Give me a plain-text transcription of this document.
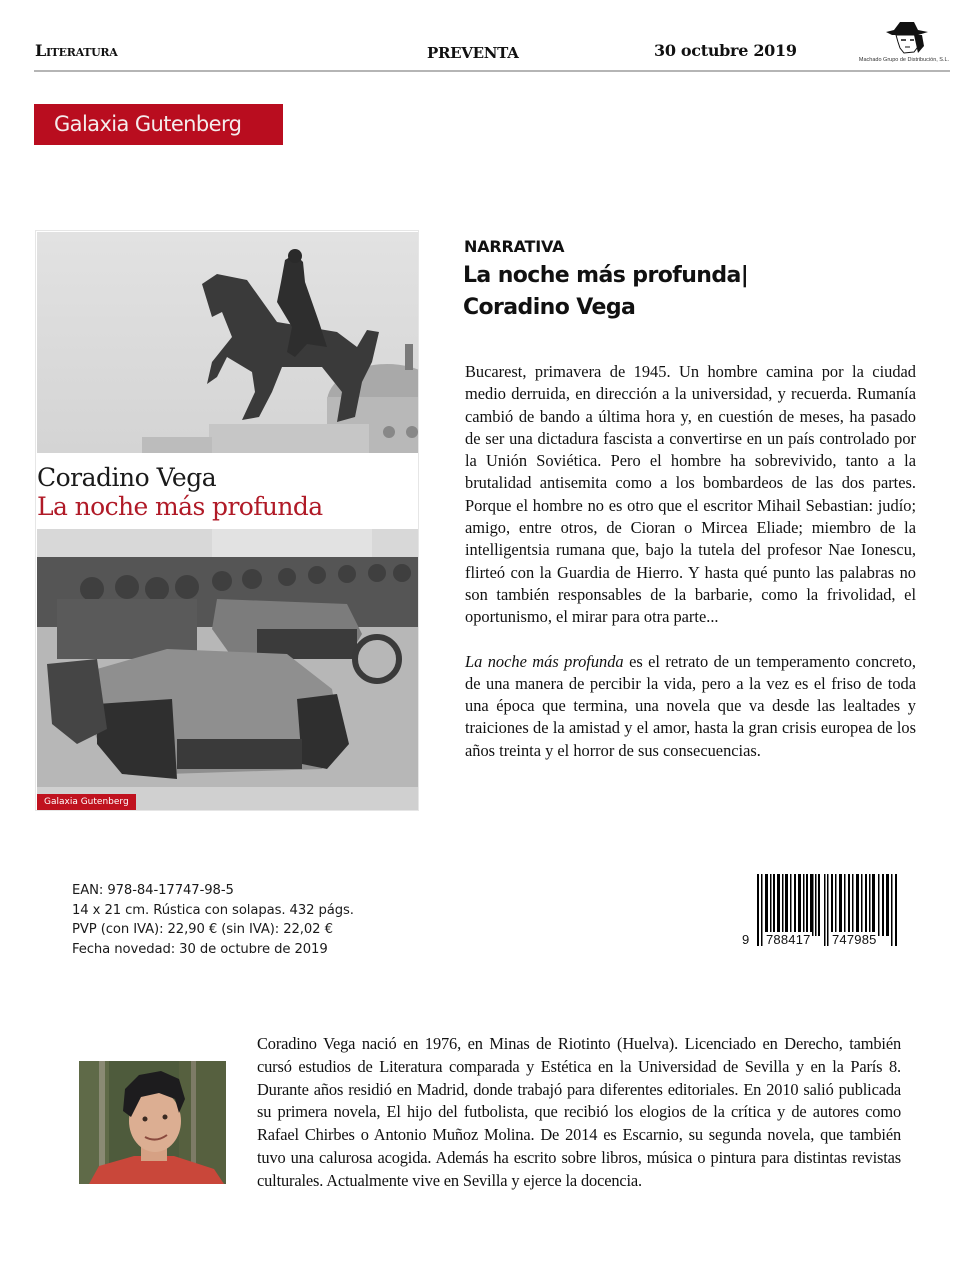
Literatura	PREVENTA	30 octubre 2019	Machado Grupo de Distribución, S.L.
Galaxia Gutenberg
Coradino Vega
La noche más profunda
Galaxia Gutenberg
NARRATIVA
La noche más profunda|
Coradino Vega

Bucarest, primavera de 1945. Un hombre camina por la ciudad medio derruida, en dirección a la universidad, y recuerda. Rumanía cambió de bando a última hora y, en cuestión de meses, ha pasado de ser una dictadura fascista a convertirse en un país controlado por la Unión Soviética. Pero el hombre ha sobrevivido, tanto a la brutalidad antisemita como a los bombardeos de las dos partes. Porque el hombre no es otro que el escritor Mihail Sebastian: judío; amigo, entre otros, de Cioran o Mircea Eliade; miembro de la intelligentsia rumana que, bajo la tutela del profesor Nae Ionescu, flirteó con la Guardia de Hierro. Y hasta qué punto las palabras no son también responsables de la barbarie, como la frivolidad, el oportunismo, el mirar para otra parte...

La noche más profunda es el retrato de un temperamento concreto, de una manera de percibir la vida, pero a la vez es el friso de toda una época que termina, una novela que va desde las lealtades y traiciones de la amistad y el amor, hasta la gran crisis europea de los años treinta y el horror de sus consecuencias.

EAN: 978-84-17747-98-5
14 x 21 cm. Rústica con solapas. 432 págs.
PVP (con IVA): 22,90 € (sin IVA): 22,02 €
Fecha novedad: 30 de octubre de 2019
9 788417 747985
Coradino Vega nació en 1976, en Minas de Riotinto (Huelva). Licenciado en Derecho, también cursó estudios de Literatura comparada y Estética en la Universidad de Sevilla y en la París 8. Durante años residió en Madrid, donde trabajó para diferentes editoriales. En 2010 salió publicada su primera novela, El hijo del futbolista, que recibió los elogios de la crítica y de autores como Rafael Chirbes o Antonio Muñoz Molina. De 2014 es Escarnio, su segunda novela, que también tuvo una calurosa acogida. Además ha escrito sobre libros, música o pintura para distintas revistas culturales. Actualmente vive en Sevilla y ejerce la docencia.
